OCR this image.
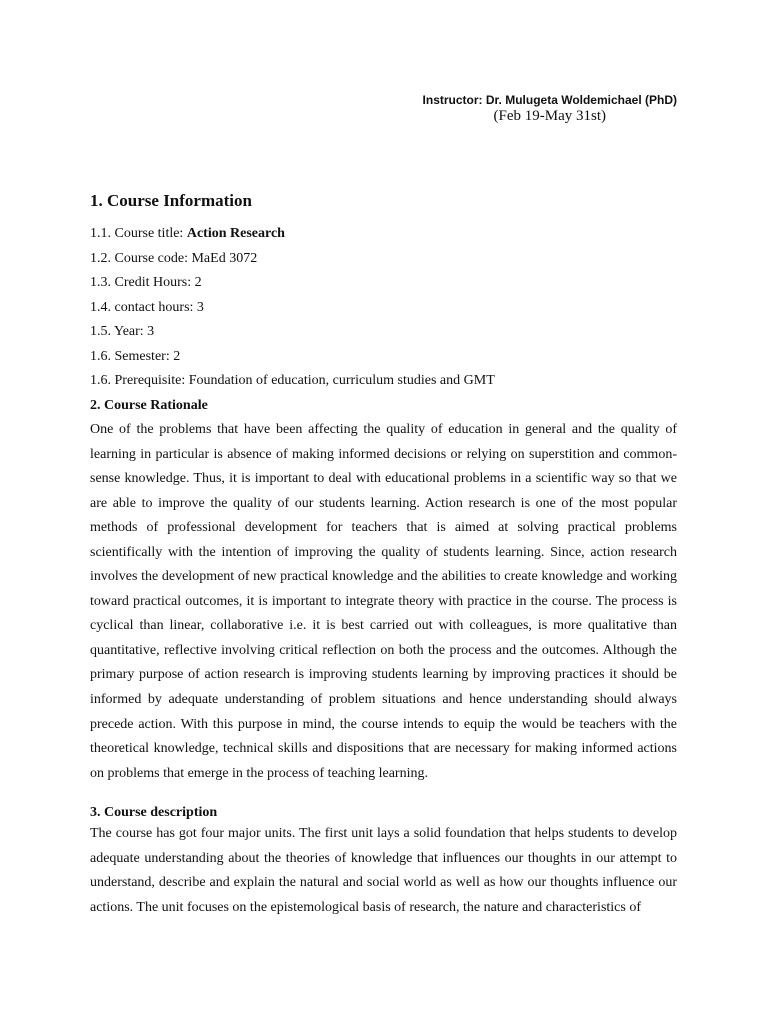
Instructor: Dr. Mulugeta Woldemichael (PhD)
(Feb 19-May 31st)
1. Course Information
1.1. Course title: Action Research
1.2. Course code: MaEd 3072
1.3. Credit Hours: 2
1.4. contact hours: 3
1.5. Year: 3
1.6. Semester: 2
1.6. Prerequisite: Foundation of education, curriculum studies and GMT
2. Course Rationale

One of the problems that have been affecting the quality of education in general and the quality of learning in particular is absence of making informed decisions or relying on superstition and common-sense knowledge. Thus, it is important to deal with educational problems in a scientific way so that we are able to improve the quality of our students learning. Action research is one of the most popular methods of professional development for teachers that is aimed at solving practical problems scientifically with the intention of improving the quality of students learning. Since, action research involves the development of new practical knowledge and the abilities to create knowledge and working toward practical outcomes, it is important to integrate theory with practice in the course. The process is cyclical than linear, collaborative i.e. it is best carried out with colleagues, is more qualitative than quantitative, reflective involving critical reflection on both the process and the outcomes. Although the primary purpose of action research is improving students learning by improving practices it should be informed by adequate understanding of problem situations and hence understanding should always precede action. With this purpose in mind, the course intends to equip the would be teachers with the theoretical knowledge, technical skills and dispositions that are necessary for making informed actions on problems that emerge in the process of teaching learning.

3. Course description

The course has got four major units. The first unit lays a solid foundation that helps students to develop adequate understanding about the theories of knowledge that influences our thoughts in our attempt to understand, describe and explain the natural and social world as well as how our thoughts influence our actions. The unit focuses on the epistemological basis of research, the nature and characteristics of
